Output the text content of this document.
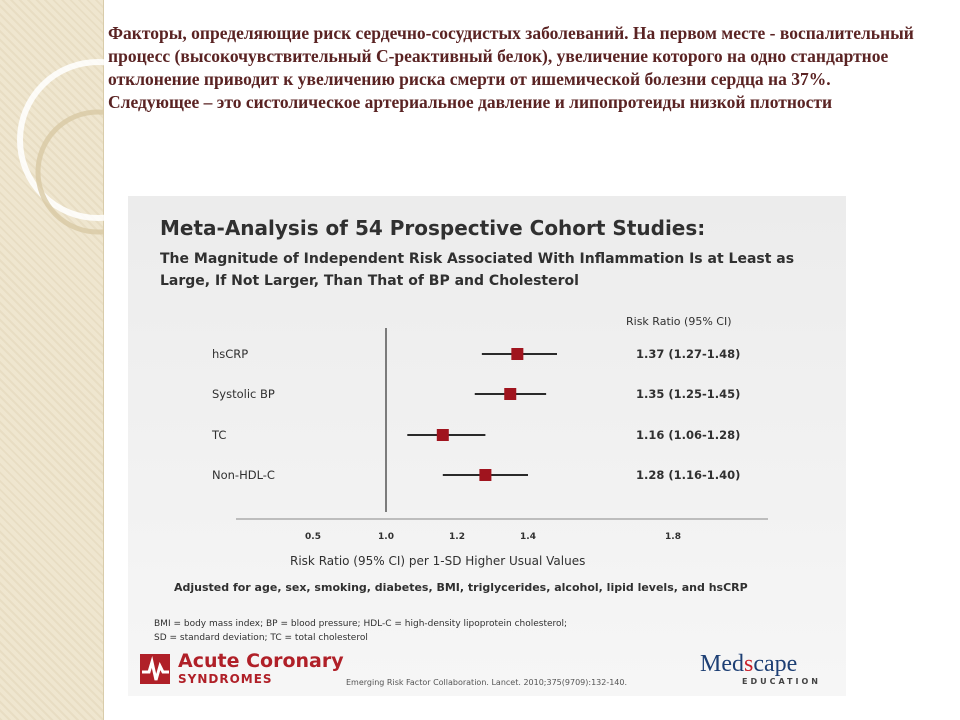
Факторы, определяющие риск сердечно-сосудистых заболеваний. На первом месте - воспалительный процесс (высокочувствительный С-реактивный белок), увеличение которого на одно стандартное отклонение приводит к увеличению риска смерти от ишемической болезни сердца на 37%.

Следующее – это систолическое артериальное давление и липопротеиды низкой плотности

Meta-Analysis of 54 Prospective Cohort Studies:
The Magnitude of Independent Risk Associated With Inflammation Is at Least as Large, If Not Larger, Than That of BP and Cholesterol
Risk Ratio (95% CI)
0.5	1.0	1.2	1.4	1.8
Risk Ratio (95% CI) per 1-SD Higher Usual Values
hsCRP	1.37 (1.27-1.48)
Systolic BP	1.35 (1.25-1.45)
TC	1.16 (1.06-1.28)
Non-HDL-C	1.28 (1.16-1.40)
Adjusted for age, sex, smoking, diabetes, BMI, triglycerides, alcohol, lipid levels, and hsCRP
BMI = body mass index; BP = blood pressure; HDL-C = high-density lipoprotein cholesterol;
SD = standard deviation; TC = total cholesterol
Acute Coronary
SYNDROMES	Emerging Risk Factor Collaboration. Lancet. 2010;375(9709):132-140.
Medscape
EDUCATION
